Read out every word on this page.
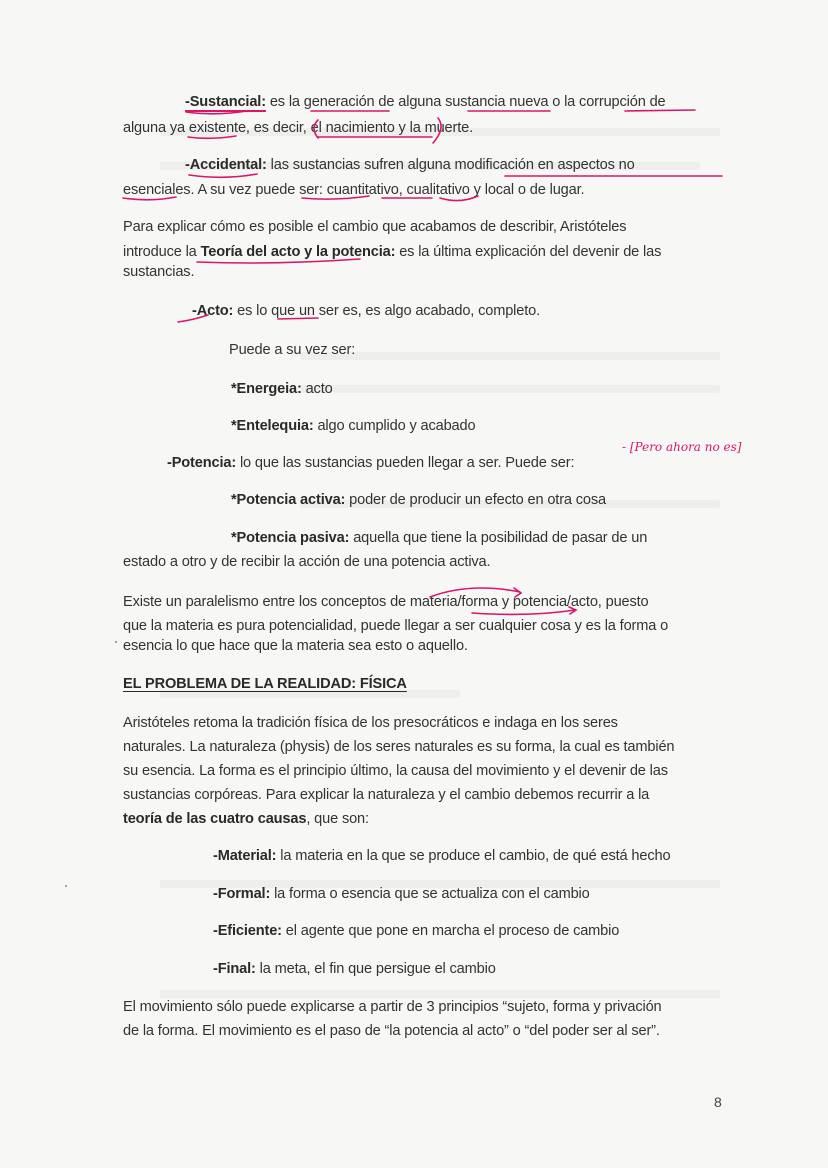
-Sustancial: es la generación de alguna sustancia nueva o la corrupción de
alguna ya existente, es decir, el nacimiento y la muerte.
-Accidental: las sustancias sufren alguna modificación en aspectos no
esenciales. A su vez puede ser: cuantitativo, cualitativo y local o de lugar.
Para explicar cómo es posible el cambio que acabamos de describir, Aristóteles
introduce la Teoría del acto y la potencia: es la última explicación del devenir de las
sustancias.
-Acto: es lo que un ser es, es algo acabado, completo.
Puede a su vez ser:
*Energeia: acto
*Entelequia: algo cumplido y acabado
-Potencia: lo que las sustancias pueden llegar a ser. Puede ser:
- [Pero ahora no es]
*Potencia activa: poder de producir un efecto en otra cosa
*Potencia pasiva: aquella que tiene la posibilidad de pasar de un
estado a otro y de recibir la acción de una potencia activa.
Existe un paralelismo entre los conceptos de materia/forma y potencia/acto, puesto
que la materia es pura potencialidad, puede llegar a ser cualquier cosa y es la forma o
esencia lo que hace que la materia sea esto o aquello.
EL PROBLEMA DE LA REALIDAD: FÍSICA
Aristóteles retoma la tradición física de los presocráticos e indaga en los seres
naturales. La naturaleza (physis) de los seres naturales es su forma, la cual es también
su esencia. La forma es el principio último, la causa del movimiento y el devenir de las
sustancias corpóreas. Para explicar la naturaleza y el cambio debemos recurrir a la
teoría de las cuatro causas, que son:
-Material: la materia en la que se produce el cambio, de qué está hecho
-Formal: la forma o esencia que se actualiza con el cambio
-Eficiente: el agente que pone en marcha el proceso de cambio
-Final: la meta, el fin que persigue el cambio
El movimiento sólo puede explicarse a partir de 3 principios “sujeto, forma y privación
de la forma. El movimiento es el paso de “la potencia al acto” o “del poder ser al ser”.
8
